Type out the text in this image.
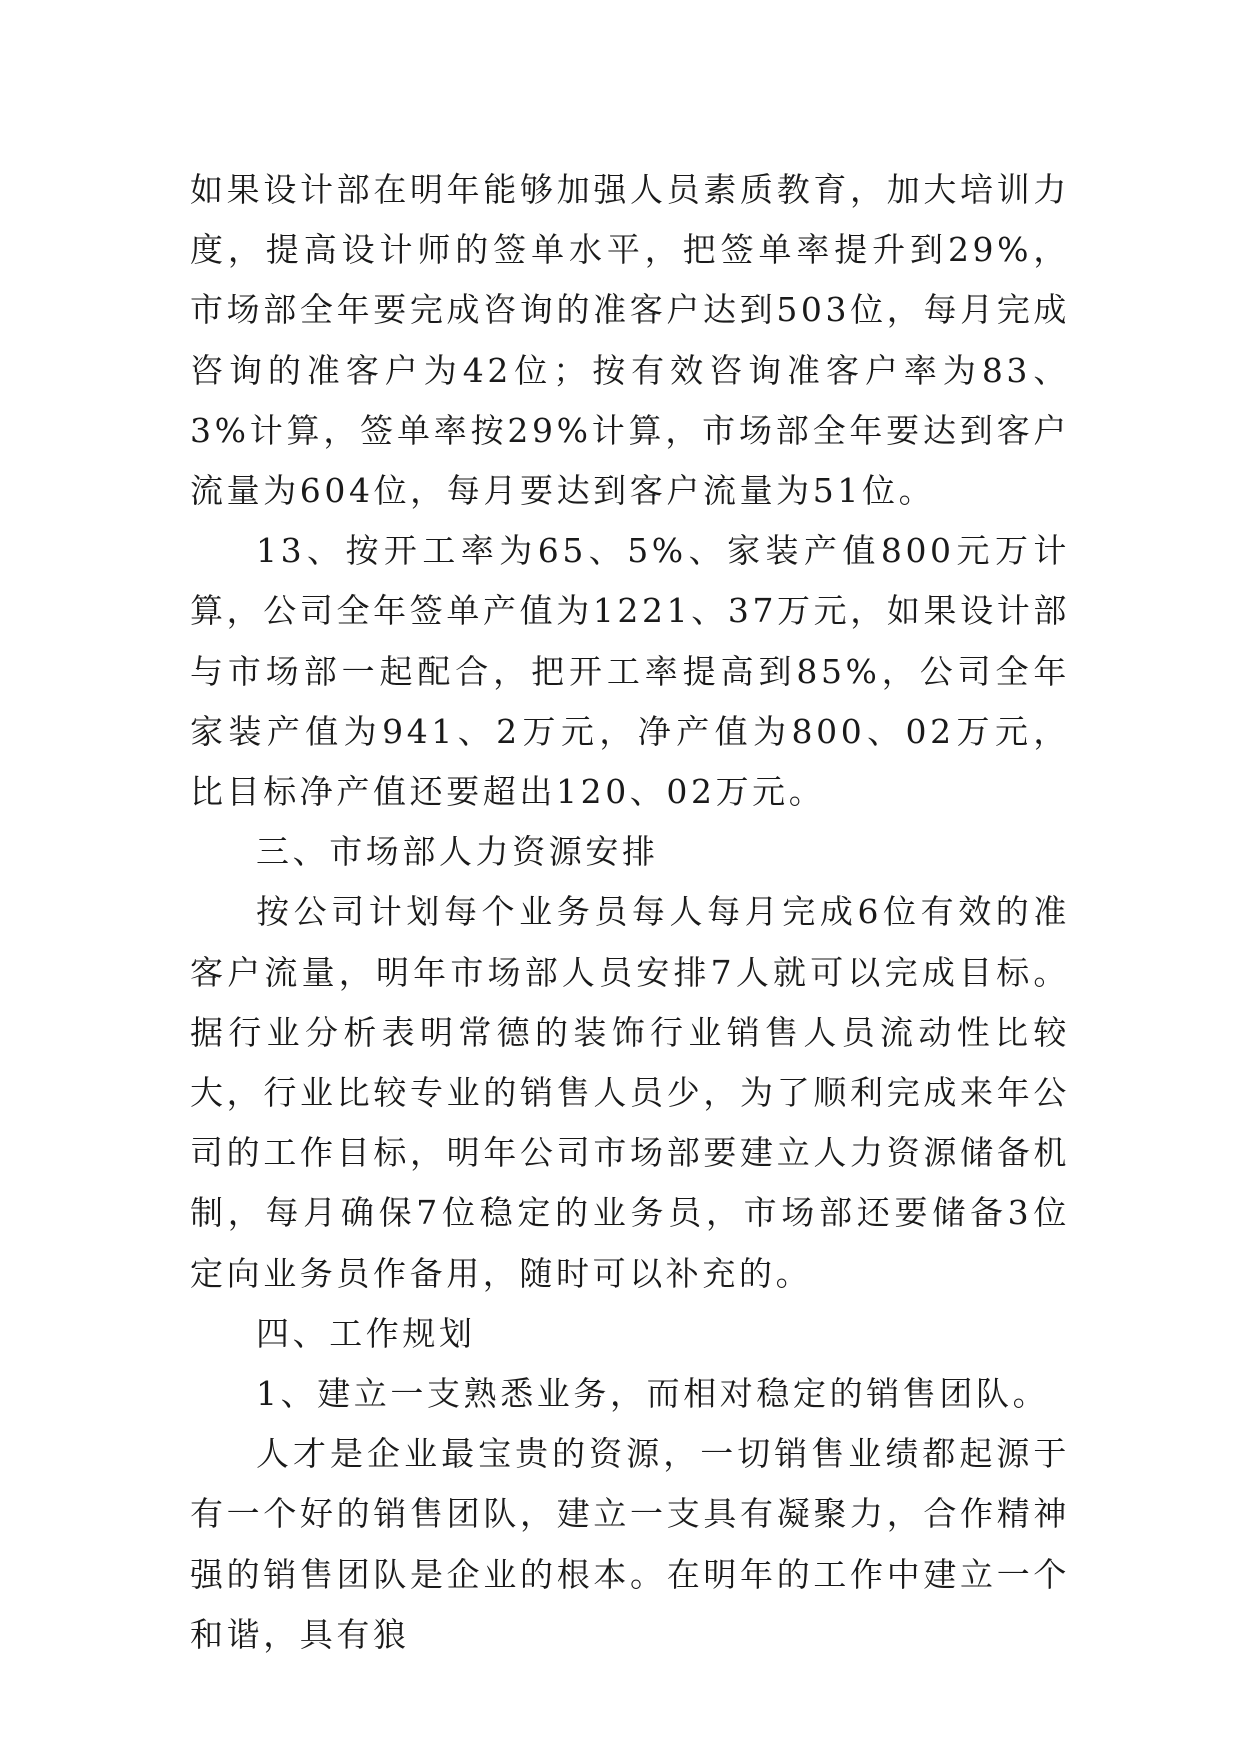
如果设计部在明年能够加强人员素质教育，加大培训力度，提高设计师的签单水平，把签单率提升到29%，市场部全年要完成咨询的准客户达到503位，每月完成咨询的准客户为42位；按有效咨询准客户率为83、3%计算，签单率按29%计算，市场部全年要达到客户流量为604位，每月要达到客户流量为51位。

13、按开工率为65、5%、家装产值800元万计算，公司全年签单产值为1221、37万元，如果设计部与市场部一起配合，把开工率提高到85%，公司全年家装产值为941、2万元，净产值为800、02万元，比目标净产值还要超出120、02万元。

三、市场部人力资源安排

按公司计划每个业务员每人每月完成6位有效的准客户流量，明年市场部人员安排7人就可以完成目标。据行业分析表明常德的装饰行业销售人员流动性比较大，行业比较专业的销售人员少，为了顺利完成来年公司的工作目标，明年公司市场部要建立人力资源储备机制，每月确保7位稳定的业务员，市场部还要储备3位定向业务员作备用，随时可以补充的。

四、工作规划

1、建立一支熟悉业务，而相对稳定的销售团队。

人才是企业最宝贵的资源，一切销售业绩都起源于有一个好的销售团队，建立一支具有凝聚力，合作精神强的销售团队是企业的根本。在明年的工作中建立一个和谐，具有狼
